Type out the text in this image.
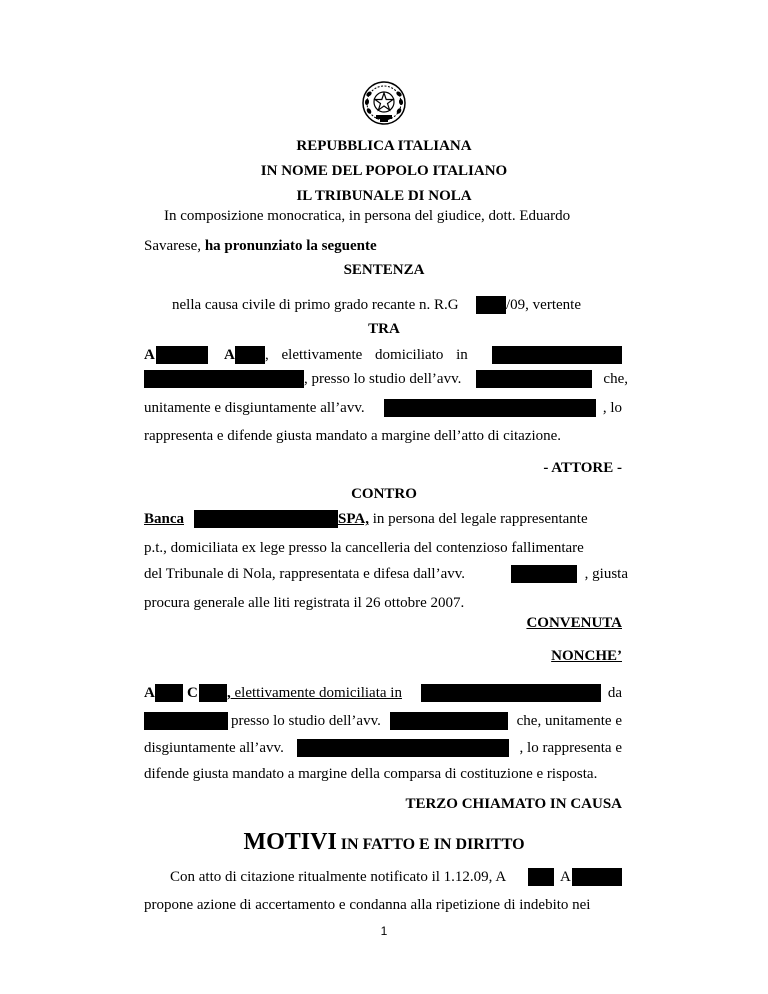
REPUBBLICA ITALIANA
IN NOME DEL POPOLO ITALIANO
IL TRIBUNALE DI NOLA
In composizione monocratica, in persona del giudice, dott. Eduardo
Savarese, ha pronunziato la seguente
SENTENZA
nella causa civile di primo grado recante n. R.G	/09, vertente
TRA
A	A	, elettivamente domiciliato in
, presso lo studio dell’avv.	che,
unitamente e disgiuntamente all’avv.	, lo
rappresenta e difende giusta mandato a margine dell’atto di citazione.
- ATTORE -
CONTRO
Banca	SPA, in persona del legale rappresentante
p.t., domiciliata ex lege presso la cancelleria del contenzioso fallimentare
del Tribunale di Nola, rappresentata e difesa dall’avv.	, giusta
procura generale alle liti registrata il 26 ottobre 2007.
CONVENUTA
NONCHE’
A C , elettivamente domiciliata in	da
presso lo studio dell’avv.	che, unitamente e
disgiuntamente all’avv.	, lo rappresenta e
difende giusta mandato a margine della comparsa di costituzione e risposta.
TERZO CHIAMATO IN CAUSA
MOTIVI IN FATTO E IN DIRITTO
Con atto di citazione ritualmente notificato il 1.12.09, A	A
propone azione di accertamento e condanna alla ripetizione di indebito nei
1
